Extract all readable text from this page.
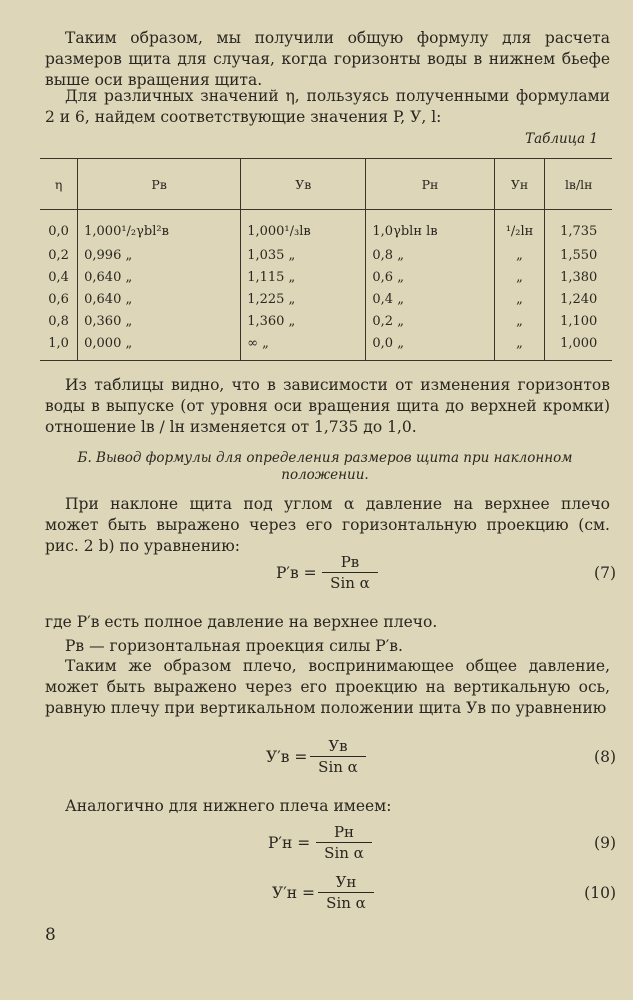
Таким образом, мы получили общую формулу для расчета размеров щита для случая, когда горизонты воды в нижнем бьефе выше оси вращения щита.

Для различных значений η, пользуясь полученными формулами 2 и 6, найдем соответствующие значения P, У, l:

Таблица 1
η	Pв	Ув	Pн	Ун	lв/lн
0,0	1,000¹/₂γbl²в	1,000¹/₃lв	1,0γblн lв	¹/₂lн	1,735
0,2	0,996 „	1,035 „	0,8 „	„	1,550
0,4	0,640 „	1,115 „	0,6 „	„	1,380
0,6	0,640 „	1,225 „	0,4 „	„	1,240
0,8	0,360 „	1,360 „	0,2 „	„	1,100
1,0	0,000 „	∞ „	0,0 „	„	1,000

Из таблицы видно, что в зависимости от изменения горизонтов воды в выпуске (от уровня оси вращения щита до верхней кромки) отношение lв / lн изменяется от 1,735 до 1,0.

Б. Вывод формулы для определения размеров щита при наклонном положении.

При наклоне щита под углом α давление на верхнее плечо может быть выражено через его горизонтальную проекцию (см. рис. 2 b) по уравнению:

P′в =
Pв
Sin α
(7)

где P′в есть полное давление на верхнее плечо.

Pв — горизонтальная проекция силы P′в.

Таким же образом плечо, воспринимающее общее давление, может быть выражено через его проекцию на вертикальную ось, равную плечу при вертикальном положении щита Ув по уравнению

У′в =
Ув
Sin α
(8)

Аналогично для нижнего плеча имеем:

P′н =
Pн
Sin α
(9)
У′н =
Ун
Sin α
(10)
8
